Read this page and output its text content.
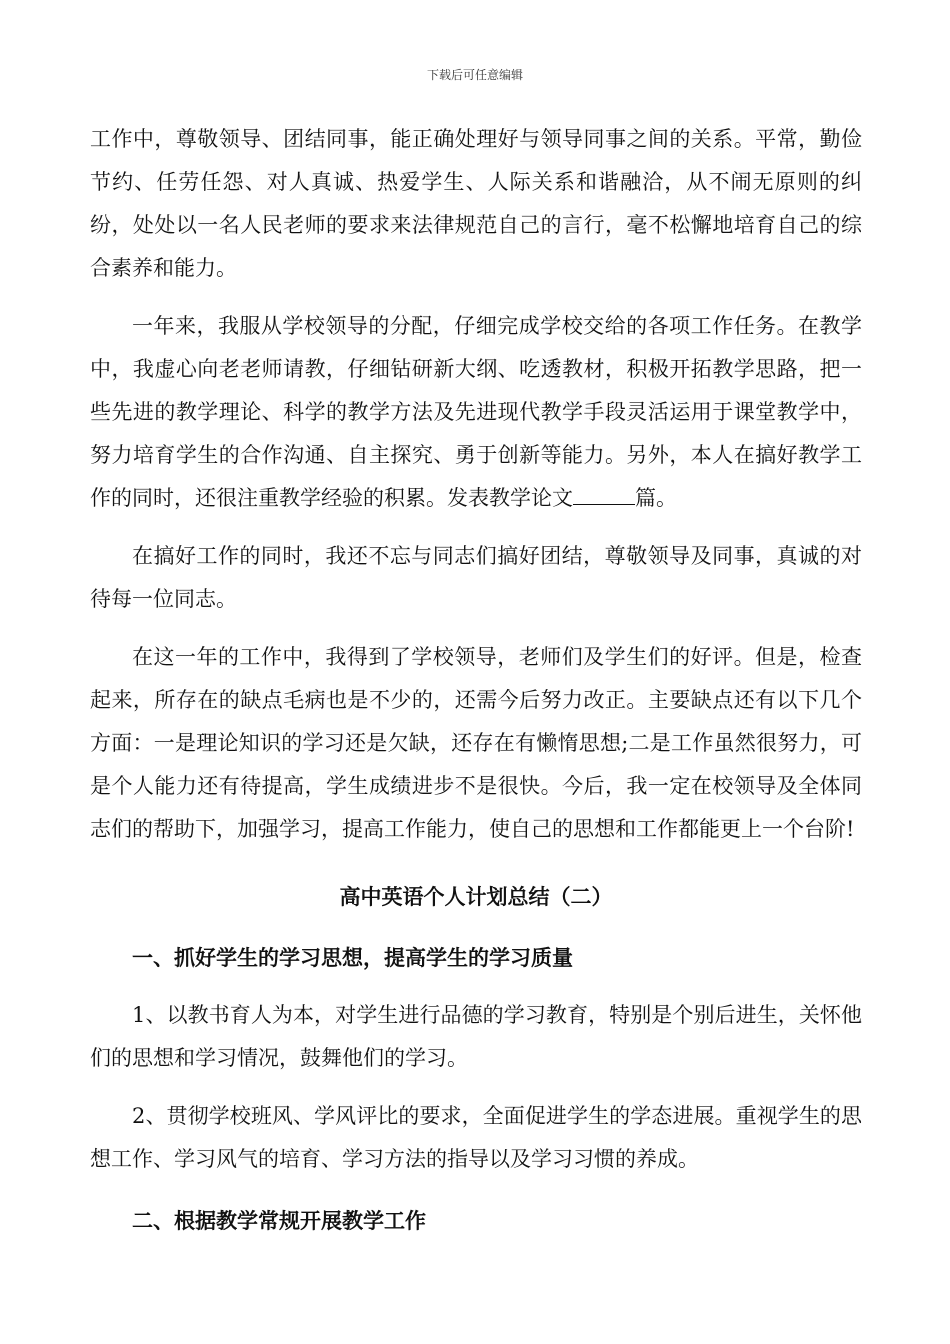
下载后可任意编辑

工作中，尊敬领导、团结同事，能正确处理好与领导同事之间的关系。平常，勤俭节约、任劳任怨、对人真诚、热爱学生、人际关系和谐融洽，从不闹无原则的纠纷，处处以一名人民老师的要求来法律规范自己的言行，毫不松懈地培育自己的综合素养和能力。

一年来，我服从学校领导的分配，仔细完成学校交给的各项工作任务。在教学中，我虚心向老老师请教，仔细钻研新大纲、吃透教材，积极开拓教学思路，把一些先进的教学理论、科学的教学方法及先进现代教学手段灵活运用于课堂教学中，努力培育学生的合作沟通、自主探究、勇于创新等能力。另外，本人在搞好教学工作的同时，还很注重教学经验的积累。发表教学论文	篇。

在搞好工作的同时，我还不忘与同志们搞好团结，尊敬领导及同事，真诚的对待每一位同志。

在这一年的工作中，我得到了学校领导，老师们及学生们的好评。但是，检查起来，所存在的缺点毛病也是不少的，还需今后努力改正。主要缺点还有以下几个方面：一是理论知识的学习还是欠缺，还存在有懒惰思想;二是工作虽然很努力，可是个人能力还有待提高，学生成绩进步不是很快。今后，我一定在校领导及全体同志们的帮助下，加强学习，提高工作能力，使自己的思想和工作都能更上一个台阶!

高中英语个人计划总结（二）

一、抓好学生的学习思想，提高学生的学习质量

1、以教书育人为本，对学生进行品德的学习教育，特别是个别后进生，关怀他们的思想和学习情况，鼓舞他们的学习。

2、贯彻学校班风、学风评比的要求，全面促进学生的学态进展。重视学生的思想工作、学习风气的培育、学习方法的指导以及学习习惯的养成。

二、根据教学常规开展教学工作
